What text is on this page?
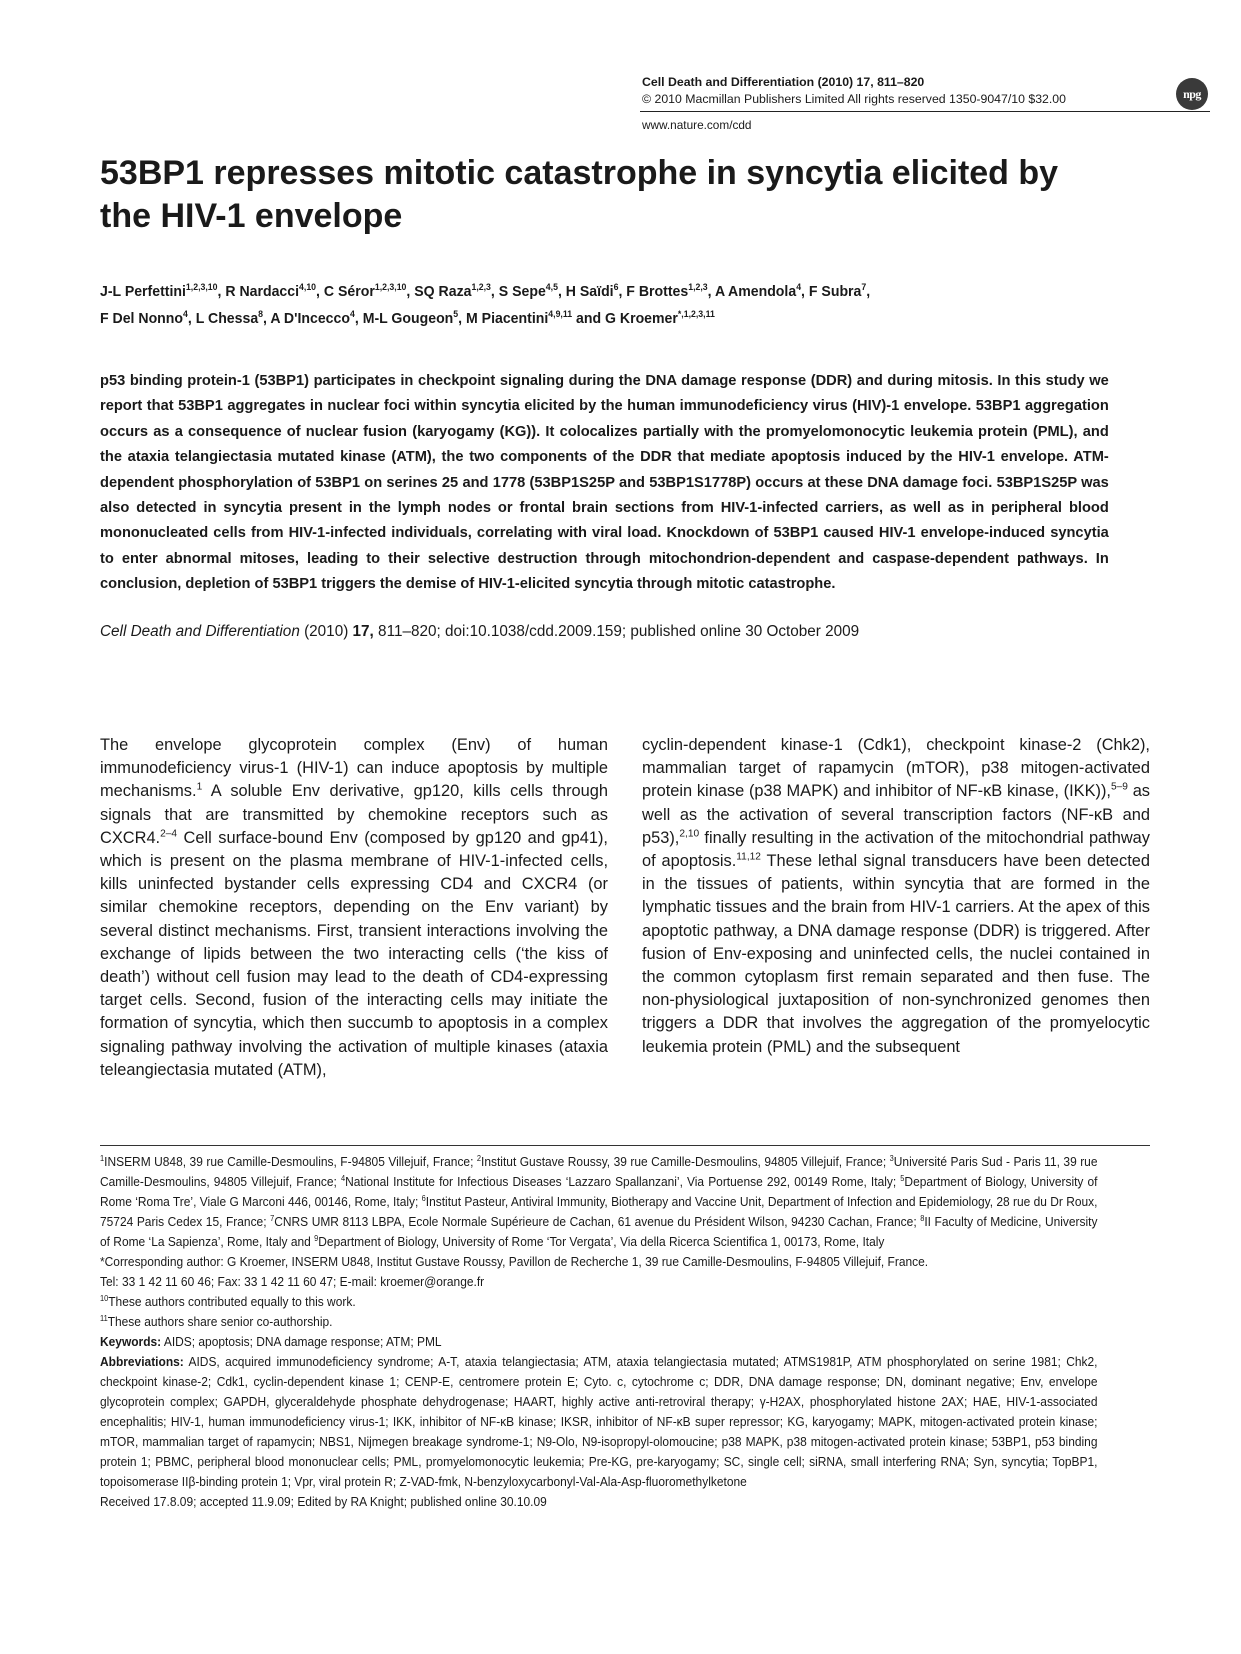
Cell Death and Differentiation (2010) 17, 811–820
© 2010 Macmillan Publishers Limited All rights reserved 1350-9047/10 $32.00
www.nature.com/cdd
npg
53BP1 represses mitotic catastrophe in syncytia elicited by the HIV-1 envelope
J-L Perfettini$^{1,2,3,10}$, R Nardacci$^{4,10}$, C Séror$^{1,2,3,10}$, SQ Raza$^{1,2,3}$, S Sepe$^{4,5}$, H Saïdi$^6$, F Brottes$^{1,2,3}$, A Amendola$^4$, F Subra$^7$,
F Del Nonno$^4$, L Chessa$^8$, A D'Incecco$^4$, M-L Gougeon$^5$, M Piacentini$^{4,9,11}$ and G Kroemer$^{*,1,2,3,11}$
p53 binding protein-1 (53BP1) participates in checkpoint signaling during the DNA damage response (DDR) and during mitosis. In this study we report that 53BP1 aggregates in nuclear foci within syncytia elicited by the human immunodeficiency virus (HIV)-1 envelope. 53BP1 aggregation occurs as a consequence of nuclear fusion (karyogamy (KG)). It colocalizes partially with the promyelomonocytic leukemia protein (PML), and the ataxia telangiectasia mutated kinase (ATM), the two components of the DDR that mediate apoptosis induced by the HIV-1 envelope. ATM-dependent phosphorylation of 53BP1 on serines 25 and 1778 (53BP1S25P and 53BP1S1778P) occurs at these DNA damage foci. 53BP1S25P was also detected in syncytia present in the lymph nodes or frontal brain sections from HIV-1-infected carriers, as well as in peripheral blood mononucleated cells from HIV-1-infected individuals, correlating with viral load. Knockdown of 53BP1 caused HIV-1 envelope-induced syncytia to enter abnormal mitoses, leading to their selective destruction through mitochondrion-dependent and caspase-dependent pathways. In conclusion, depletion of 53BP1 triggers the demise of HIV-1-elicited syncytia through mitotic catastrophe.
Cell Death and Differentiation (2010) 17, 811–820; doi:10.1038/cdd.2009.159; published online 30 October 2009
The envelope glycoprotein complex (Env) of human immunodeficiency virus-1 (HIV-1) can induce apoptosis by multiple mechanisms.$^1$ A soluble Env derivative, gp120, kills cells through signals that are transmitted by chemokine receptors such as CXCR4.$^{2-4}$ Cell surface-bound Env (composed by gp120 and gp41), which is present on the plasma membrane of HIV-1-infected cells, kills uninfected bystander cells expressing CD4 and CXCR4 (or similar chemokine receptors, depending on the Env variant) by several distinct mechanisms. First, transient interactions involving the exchange of lipids between the two interacting cells (‘the kiss of death’) without cell fusion may lead to the death of CD4-expressing target cells. Second, fusion of the interacting cells may initiate the formation of syncytia, which then succumb to apoptosis in a complex signaling pathway involving the activation of multiple kinases (ataxia teleangiectasia mutated (ATM),
cyclin-dependent kinase-1 (Cdk1), checkpoint kinase-2 (Chk2), mammalian target of rapamycin (mTOR), p38 mitogen-activated protein kinase (p38 MAPK) and inhibitor of NF-κB kinase, (IKK)),$^{5-9}$ as well as the activation of several transcription factors (NF-κB and p53),$^{2,10}$ finally resulting in the activation of the mitochondrial pathway of apoptosis.$^{11,12}$ These lethal signal transducers have been detected in the tissues of patients, within syncytia that are formed in the lymphatic tissues and the brain from HIV-1 carriers. At the apex of this apoptotic pathway, a DNA damage response (DDR) is triggered. After fusion of Env-exposing and uninfected cells, the nuclei contained in the common cytoplasm first remain separated and then fuse. The non-physiological juxtaposition of non-synchronized genomes then triggers a DDR that involves the aggregation of the promyelocytic leukemia protein (PML) and the subsequent

$^1$INSERM U848, 39 rue Camille-Desmoulins, F-94805 Villejuif, France; $^2$Institut Gustave Roussy, 39 rue Camille-Desmoulins, 94805 Villejuif, France; $^3$Université Paris Sud - Paris 11, 39 rue Camille-Desmoulins, 94805 Villejuif, France; $^4$National Institute for Infectious Diseases ‘Lazzaro Spallanzani’, Via Portuense 292, 00149 Rome, Italy; $^5$Department of Biology, University of Rome ‘Roma Tre’, Viale G Marconi 446, 00146, Rome, Italy; $^6$Institut Pasteur, Antiviral Immunity, Biotherapy and Vaccine Unit, Department of Infection and Epidemiology, 28 rue du Dr Roux, 75724 Paris Cedex 15, France; $^7$CNRS UMR 8113 LBPA, Ecole Normale Supérieure de Cachan, 61 avenue du Président Wilson, 94230 Cachan, France; $^8$II Faculty of Medicine, University of Rome ‘La Sapienza’, Rome, Italy and $^9$Department of Biology, University of Rome ‘Tor Vergata’, Via della Ricerca Scientifica 1, 00173, Rome, Italy

*Corresponding author: G Kroemer, INSERM U848, Institut Gustave Roussy, Pavillon de Recherche 1, 39 rue Camille-Desmoulins, F-94805 Villejuif, France.

Tel: 33 1 42 11 60 46; Fax: 33 1 42 11 60 47; E-mail: kroemer@orange.fr

$^{10}$These authors contributed equally to this work.

$^{11}$These authors share senior co-authorship.

Keywords: AIDS; apoptosis; DNA damage response; ATM; PML

Abbreviations: AIDS, acquired immunodeficiency syndrome; A-T, ataxia telangiectasia; ATM, ataxia telangiectasia mutated; ATMS1981P, ATM phosphorylated on serine 1981; Chk2, checkpoint kinase-2; Cdk1, cyclin-dependent kinase 1; CENP-E, centromere protein E; Cyto. c, cytochrome c; DDR, DNA damage response; DN, dominant negative; Env, envelope glycoprotein complex; GAPDH, glyceraldehyde phosphate dehydrogenase; HAART, highly active anti-retroviral therapy; γ-H2AX, phosphorylated histone 2AX; HAE, HIV-1-associated encephalitis; HIV-1, human immunodeficiency virus-1; IKK, inhibitor of NF-κB kinase; IKSR, inhibitor of NF-κB super repressor; KG, karyogamy; MAPK, mitogen-activated protein kinase; mTOR, mammalian target of rapamycin; NBS1, Nijmegen breakage syndrome-1; N9-Olo, N9-isopropyl-olomoucine; p38 MAPK, p38 mitogen-activated protein kinase; 53BP1, p53 binding protein 1; PBMC, peripheral blood mononuclear cells; PML, promyelomonocytic leukemia; Pre-KG, pre-karyogamy; SC, single cell; siRNA, small interfering RNA; Syn, syncytia; TopBP1, topoisomerase IIβ-binding protein 1; Vpr, viral protein R; Z-VAD-fmk, N-benzyloxycarbonyl-Val-Ala-Asp-fluoromethylketone

Received 17.8.09; accepted 11.9.09; Edited by RA Knight; published online 30.10.09
